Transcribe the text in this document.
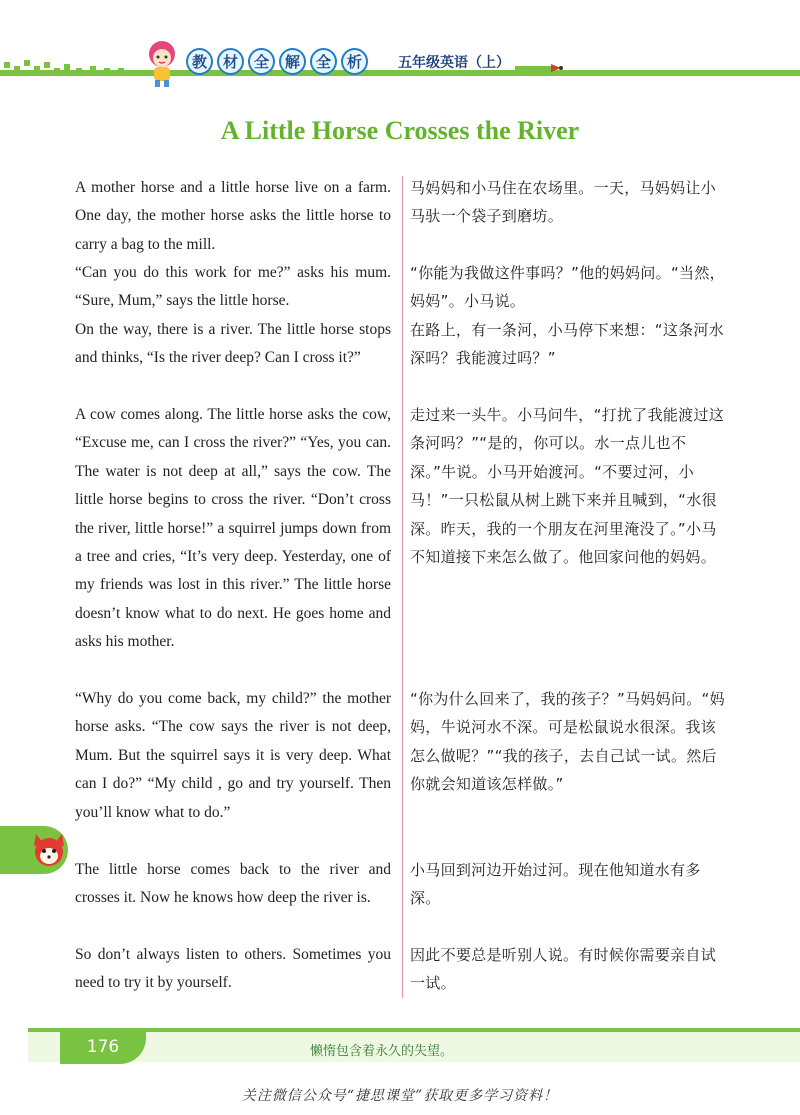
教	材	全	解	全	析	五年级英语（上）
A Little Horse Crosses the River

A mother horse and a little horse live on a farm. One day, the mother horse asks the little horse to carry a bag to the mill.

马妈妈和小马住在农场里。一天，马妈妈让小马驮一个袋子到磨坊。

“Can you do this work for me?” asks his mum. “Sure, Mum,” says the little horse.

“你能为我做这件事吗？”他的妈妈问。“当然，妈妈”。小马说。

On the way, there is a river. The little horse stops and thinks, “Is the river deep? Can I cross it?”

在路上，有一条河，小马停下来想：“这条河水深吗？我能渡过吗？”

A cow comes along. The little horse asks the cow, “Excuse me, can I cross the river?” “Yes, you can. The water is not deep at all,” says the cow. The little horse begins to cross the river. “Don’t cross the river, little horse!” a squirrel jumps down from a tree and cries, “It’s very deep. Yesterday, one of my friends was lost in this river.” The little horse doesn’t know what to do next. He goes home and asks his mother.

走过来一头牛。小马问牛，“打扰了我能渡过这条河吗？”“是的，你可以。水一点儿也不深。”牛说。小马开始渡河。“不要过河，小马！”一只松鼠从树上跳下来并且喊到，“水很深。昨天，我的一个朋友在河里淹没了。”小马不知道接下来怎么做了。他回家问他的妈妈。

“Why do you come back, my child?” the mother horse asks. “The cow says the river is not deep, Mum. But the squirrel says it is very deep. What can I do?” “My child , go and try yourself. Then you’ll know what to do.”

“你为什么回来了，我的孩子？”马妈妈问。“妈妈，牛说河水不深。可是松鼠说水很深。我该怎么做呢？”“我的孩子，去自己试一试。然后你就会知道该怎样做。”

The little horse comes back to the river and crosses it. Now he knows how deep the river is.

小马回到河边开始过河。现在他知道水有多深。

So don’t always listen to others. Sometimes you need to try it by yourself.

因此不要总是听别人说。有时候你需要亲自试一试。

176	懒惰包含着永久的失望。
关注微信公众号“捷思课堂”获取更多学习资料！
